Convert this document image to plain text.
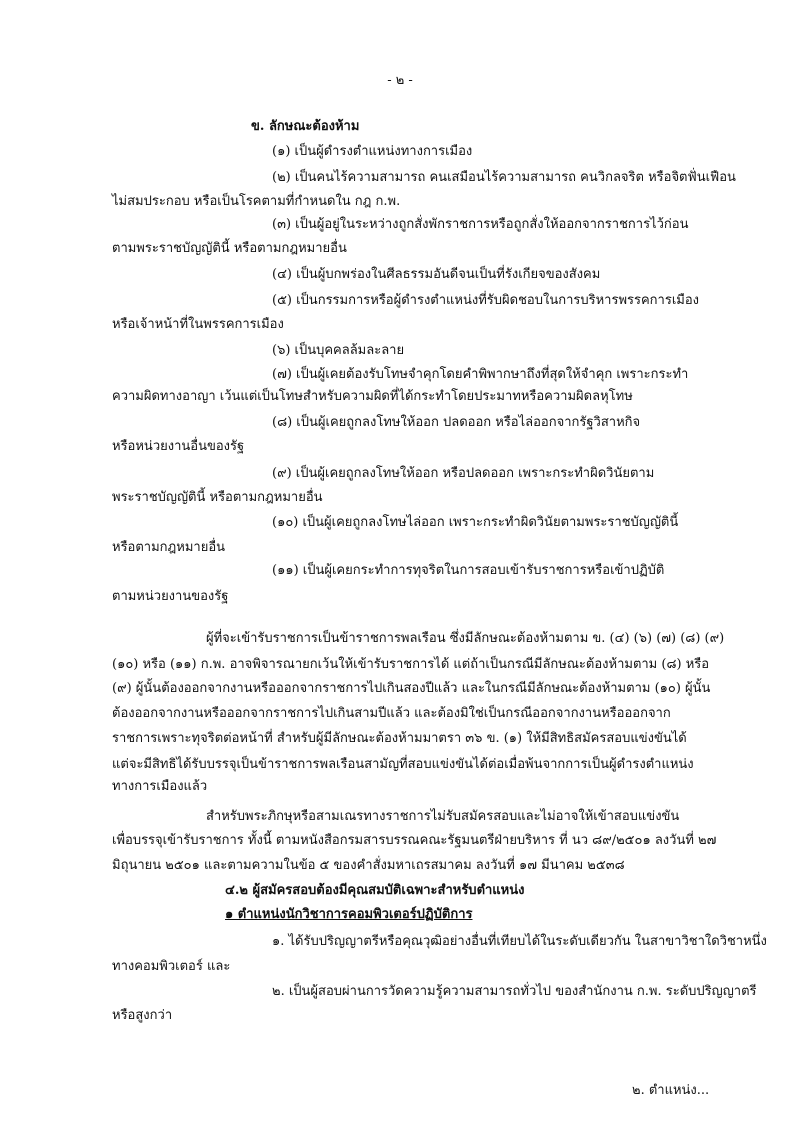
- ๒ -
ข. ลักษณะต้องห้าม
(๑) เป็นผู้ดำรงตำแหน่งทางการเมือง
(๒) เป็นคนไร้ความสามารถ คนเสมือนไร้ความสามารถ คนวิกลจริต หรือจิตฟั่นเฟือน
ไม่สมประกอบ หรือเป็นโรคตามที่กำหนดใน กฎ ก.พ.
(๓) เป็นผู้อยู่ในระหว่างถูกสั่งพักราชการหรือถูกสั่งให้ออกจากราชการไว้ก่อน
ตามพระราชบัญญัตินี้ หรือตามกฎหมายอื่น
(๔) เป็นผู้บกพร่องในศีลธรรมอันดีจนเป็นที่รังเกียจของสังคม
(๕) เป็นกรรมการหรือผู้ดำรงตำแหน่งที่รับผิดชอบในการบริหารพรรคการเมือง
หรือเจ้าหน้าที่ในพรรคการเมือง
(๖) เป็นบุคคลล้มละลาย
(๗) เป็นผู้เคยต้องรับโทษจำคุกโดยคำพิพากษาถึงที่สุดให้จำคุก เพราะกระทำ
ความผิดทางอาญา เว้นแต่เป็นโทษสำหรับความผิดที่ได้กระทำโดยประมาทหรือความผิดลหุโทษ
(๘) เป็นผู้เคยถูกลงโทษให้ออก ปลดออก หรือไล่ออกจากรัฐวิสาหกิจ
หรือหน่วยงานอื่นของรัฐ
(๙) เป็นผู้เคยถูกลงโทษให้ออก หรือปลดออก เพราะกระทำผิดวินัยตาม
พระราชบัญญัตินี้ หรือตามกฎหมายอื่น
(๑๐) เป็นผู้เคยถูกลงโทษไล่ออก เพราะกระทำผิดวินัยตามพระราชบัญญัตินี้
หรือตามกฎหมายอื่น
(๑๑) เป็นผู้เคยกระทำการทุจริตในการสอบเข้ารับราชการหรือเข้าปฏิบัติ
ตามหน่วยงานของรัฐ
ผู้ที่จะเข้ารับราชการเป็นข้าราชการพลเรือน ซึ่งมีลักษณะต้องห้ามตาม ข. (๔) (๖) (๗) (๘) (๙)
(๑๐) หรือ (๑๑) ก.พ. อาจพิจารณายกเว้นให้เข้ารับราชการได้ แต่ถ้าเป็นกรณีมีลักษณะต้องห้ามตาม (๘) หรือ
(๙) ผู้นั้นต้องออกจากงานหรือออกจากราชการไปเกินสองปีแล้ว และในกรณีมีลักษณะต้องห้ามตาม (๑๐) ผู้นั้น
ต้องออกจากงานหรือออกจากราชการไปเกินสามปีแล้ว และต้องมิใช่เป็นกรณีออกจากงานหรือออกจาก
ราชการเพราะทุจริตต่อหน้าที่ สำหรับผู้มีลักษณะต้องห้ามมาตรา ๓๖ ข. (๑) ให้มีสิทธิสมัครสอบแข่งขันได้
แต่จะมีสิทธิได้รับบรรจุเป็นข้าราชการพลเรือนสามัญที่สอบแข่งขันได้ต่อเมื่อพ้นจากการเป็นผู้ดำรงตำแหน่ง
ทางการเมืองแล้ว
สำหรับพระภิกษุหรือสามเณรทางราชการไม่รับสมัครสอบและไม่อาจให้เข้าสอบแข่งขัน
เพื่อบรรจุเข้ารับราชการ ทั้งนี้ ตามหนังสือกรมสารบรรณคณะรัฐมนตรีฝ่ายบริหาร ที่ นว ๘๙/๒๕๐๑ ลงวันที่ ๒๗
มิถุนายน ๒๕๐๑ และตามความในข้อ ๕ ของคำสั่งมหาเถรสมาคม ลงวันที่ ๑๗ มีนาคม ๒๕๓๘
๔.๒ ผู้สมัครสอบต้องมีคุณสมบัติเฉพาะสำหรับตำแหน่ง
๑ ตำแหน่งนักวิชาการคอมพิวเตอร์ปฏิบัติการ
๑. ได้รับปริญญาตรีหรือคุณวุฒิอย่างอื่นที่เทียบได้ในระดับเดียวกัน ในสาขาวิชาใดวิชาหนึ่ง
ทางคอมพิวเตอร์ และ
๒. เป็นผู้สอบผ่านการวัดความรู้ความสามารถทั่วไป ของสำนักงาน ก.พ. ระดับปริญญาตรี
หรือสูงกว่า
๒. ตำแหน่ง...
